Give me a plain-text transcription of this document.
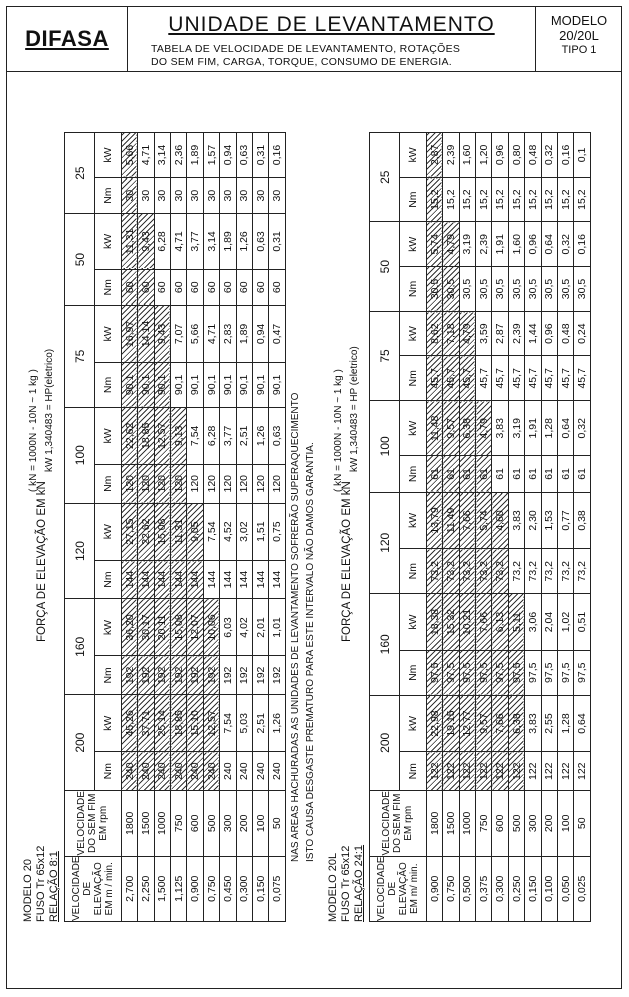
DIFASA
UNIDADE DE LEVANTAMENTO
TABELA DE VELOCIDADE DE LEVANTAMENTO, ROTAÇÕES
DO SEM FIM, CARGA, TORQUE, CONSUMO DE ENERGIA.
MODELO
20/20L
TIPO 1
MODELO 20 FUSO Tr 65x12 RELAÇÃO 8:1
( kN = 1000N - 10N ~ 1 kg ) kW 1,340483 = HP(eletrico)
FORÇA DE ELEVAÇÃO EM kN
VELOCIDADE DE ELEVAÇÃO EM m / min.	VELOCIDADE DO SEM FIM EM rpm	200		160		120		100		75		50		25	
		Nm	kW	Nm	kW	Nm	kW	Nm	kW	Nm	kW	Nm	kW	Nm	kW
2,700	1800	240	45,26	192	36,20	144	27,15	120	22,62	90,1	16,97	60	11,31	30	5,66
2,250	1500	240	37,71	192	30,17	144	22,62	120	18,85	90,1	14,14	60	9,43	30	4,71
1,500	1000	240	25,14	192	20,11	144	15,08	120	12,57	90,1	9,43	60	6,28	30	3,14
1,125	750	240	18,85	192	15,08	144	11,31	120	9,13	90,1	7,07	60	4,71	30	2,36
0,900	600	240	15,10	192	12,07	144	9,05	120	7,54	90,1	5,66	60	3,77	30	1,89
0,750	500	240	12,57	192	10,06	144	7,54	120	6,28	90,1	4,71	60	3,14	30	1,57
0,450	300	240	7,54	192	6,03	144	4,52	120	3,77	90,1	2,83	60	1,89	30	0,94
0,300	200	240	5,03	192	4,02	144	3,02	120	2,51	90,1	1,89	60	1,26	30	0,63
0,150	100	240	2,51	192	2,01	144	1,51	120	1,26	90,1	0,94	60	0,63	30	0,31
0,075	50	240	1,26	192	1,01	144	0,75	120	0,63	90,1	0,47	60	0,31	30	0,16
NAS AREAS HACHURADAS AS UNIDADES DE LEVANTAMENTO SOFRERÃO SUPERAQUECIMENTO ISTO CAUSA DESGASTE PREMATURO PARA ESTE INTERVALO NÃO DAMOS GARANTIA.
MODELO 20L FUSO Tr 65x12 RELAÇÃO 24:1
( kN = 1000N - 10N ~ 1 kg ) kW 1,340483 = HP (eletrico)
FORÇA DE ELEVAÇÃO EM kN
VELOCIDADE DE ELEVAÇÃO EM m/ min.	VELOCIDADE DO SEM FIM EM rpm	200		160		120		100		75		50		25	
		Nm	kW	Nm	kW	Nm	kW	Nm	kW	Nm	kW	Nm	kW	Nm	kW
0,900	1800	122	22,98	97,5	18,38	73,2	13,79	61	11,48	45,7	8,62	30,5	5,74	15,2	2,87
0,750	1500	122	19,15	97,5	15,32	73,2	11,49	61	9,57	45,7	7,18	30,5	4,79	15,2	2,39
0,500	1000	122	12,77	97,5	10,21	73,2	7,66	61	6,38	45,7	4,79	30,5	3,19	15,2	1,60
0,375	750	122	9,57	97,5	7,66	73,2	5,74	61	4,79	45,7	3,59	30,5	2,39	15,2	1,20
0,300	600	122	7,66	97,5	6,13	73,2	4,60	61	3,83	45,7	2,87	30,5	1,91	15,2	0,96
0,250	500	122	6,38	97,5	5,11	73,2	3,83	61	3,19	45,7	2,39	30,5	1,60	15,2	0,80
0,150	300	122	3,83	97,5	3,06	73,2	2,30	61	1,91	45,7	1,44	30,5	0,96	15,2	0,48
0,100	200	122	2,55	97,5	2,04	73,2	1,53	61	1,28	45,7	0,96	30,5	0,64	15,2	0,32
0,050	100	122	1,28	97,5	1,02	73,2	0,77	61	0,64	45,7	0,48	30,5	0,32	15,2	0,16
0,025	50	122	0,64	97,5	0,51	73,2	0,38	61	0,32	45,7	0,24	30,5	0,16	15,2	0,1
